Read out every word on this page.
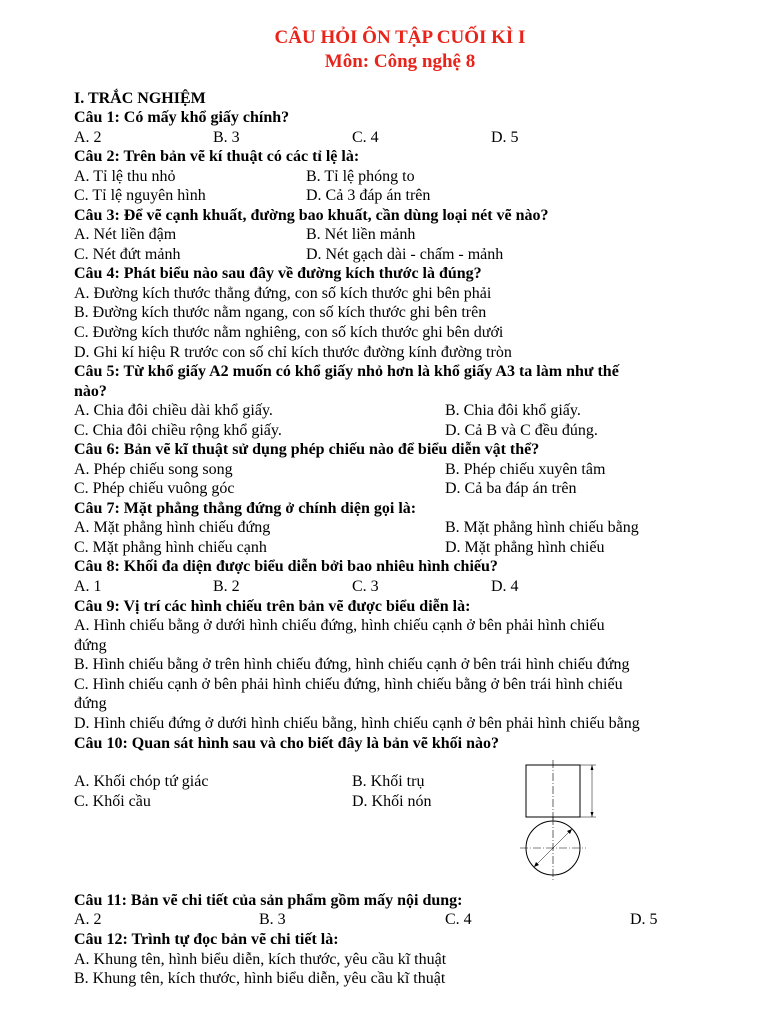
CÂU HỎI ÔN TẬP CUỐI KÌ I
Môn: Công nghệ 8
I. TRẮC NGHIỆM
Câu 1: Có mấy khổ giấy chính?
A. 2	B. 3	C. 4	D. 5
Câu 2: Trên bản vẽ kí thuật có các tỉ lệ là:
A. Tỉ lệ thu nhỏ	B. Tỉ lệ phóng to
C. Tỉ lệ nguyên hình	D. Cả 3 đáp án trên
Câu 3: Để vẽ cạnh khuất, đường bao khuất, cần dùng loại nét vẽ nào?
A. Nét liền đậm	B. Nét liền mảnh
C. Nét đứt mảnh	D. Nét gạch dài - chấm - mảnh
Câu 4: Phát biểu nào sau đây về đường kích thước là đúng?
A. Đường kích thước thẳng đứng, con số kích thước ghi bên phải
B. Đường kích thước nằm ngang, con số kích thước ghi bên trên
C. Đường kích thước nằm nghiêng, con số kích thước ghi bên dưới
D. Ghi kí hiệu R trước con số chỉ kích thước đường kính đường tròn
Câu 5: Từ khổ giấy A2 muốn có khổ giấy nhỏ hơn là khổ giấy A3 ta làm như thế
nào?
A. Chia đôi chiều dài khổ giấy.	B. Chia đôi khổ giấy.
C. Chia đôi chiều rộng khổ giấy.	D. Cả B và C đều đúng.
Câu 6: Bản vẽ kĩ thuật sử dụng phép chiếu nào để biểu diễn vật thể?
A. Phép chiếu song song	B. Phép chiếu xuyên tâm
C. Phép chiếu vuông góc	D. Cả ba đáp án trên
Câu 7: Mặt phẳng thẳng đứng ở chính diện gọi là:
A. Mặt phẳng hình chiếu đứng	B. Mặt phẳng hình chiếu bằng
C. Mặt phẳng hình chiếu cạnh	D. Mặt phẳng hình chiếu
Câu 8: Khối đa diện được biểu diễn bởi bao nhiêu hình chiếu?
A. 1	B. 2	C. 3	D. 4
Câu 9: Vị trí các hình chiếu trên bản vẽ được biểu diễn là:
A. Hình chiếu bằng ở dưới hình chiếu đứng, hình chiếu cạnh ở bên phải hình chiếu
đứng
B. Hình chiếu bằng ở trên hình chiếu đứng, hình chiếu cạnh ở bên trái hình chiếu đứng
C. Hình chiếu cạnh ở bên phải hình chiếu đứng, hình chiếu bằng ở bên trái hình chiếu
đứng
D. Hình chiếu đứng ở dưới hình chiếu bằng, hình chiếu cạnh ở bên phải hình chiếu bằng
Câu 10: Quan sát hình sau và cho biết đây là bản vẽ khối nào?
A. Khối chóp tứ giác	B. Khối trụ
C. Khối cầu	D. Khối nón
Câu 11: Bản vẽ chi tiết của sản phẩm gồm mấy nội dung:
A. 2	B. 3	C. 4	D. 5
Câu 12: Trình tự đọc bản vẽ chi tiết là:
A. Khung tên, hình biểu diễn, kích thước, yêu cầu kĩ thuật
B. Khung tên, kích thước, hình biểu diễn, yêu cầu kĩ thuật
